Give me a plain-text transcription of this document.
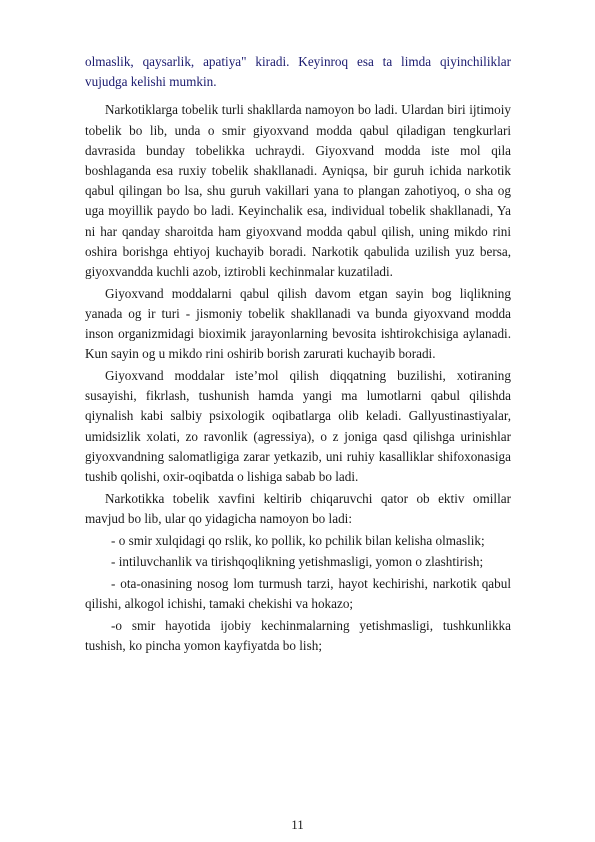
olmaslik, qaysarlik, apatiya" kiradi. Keyinroq esa ta limda qiyinchiliklar vujudga kelishi mumkin.

Narkotiklarga tobelik turli shakllarda namoyon bo ladi. Ulardan biri ijtimoiy tobelik bo lib, unda o smir giyoxvand modda qabul qiladigan tengkurlari davrasida bunday tobelikka uchraydi. Giyoxvand modda iste mol qila boshlaganda esa ruxiy tobelik shakllanadi. Ayniqsa, bir guruh ichida narkotik qabul qilingan bo lsa, shu guruh vakillari yana to plangan zahotiyoq, o sha og uga moyillik paydo bo ladi. Keyinchalik esa, individual tobelik shakllanadi, Ya ni har qanday sharoitda ham giyoxvand modda qabul qilish, uning mikdo rini oshira borishga ehtiyoj kuchayib boradi. Narkotik qabulida uzilish yuz bersa, giyoxvandda kuchli azob, iztirobli kechinmalar kuzatiladi.

Giyoxvand moddalarni qabul qilish davom etgan sayin bog liqlikning yanada og ir turi - jismoniy tobelik shakllanadi va bunda giyoxvand modda inson organizmidagi bioximik jarayonlarning bevosita ishtirokchisiga aylanadi. Kun sayin og u mikdo rini oshirib borish zarurati kuchayib boradi.

Giyoxvand moddalar iste’mol qilish diqqatning buzilishi, xotiraning susayishi, fikrlash, tushunish hamda yangi ma lumotlarni qabul qilishda qiynalish kabi salbiy psixologik oqibatlarga olib keladi. Gallyustinastiyalar, umidsizlik xolati, zo ravonlik (agressiya), o z joniga qasd qilishga urinishlar giyoxvandning salomatligiga zarar yetkazib, uni ruhiy kasalliklar shifoxonasiga tushib qolishi, oxir-oqibatda o lishiga sabab bo ladi.

Narkotikka tobelik xavfini keltirib chiqaruvchi qator ob ektiv omillar mavjud bo lib, ular qo yidagicha namoyon bo ladi:

- o smir xulqidagi qo rslik, ko pollik, ko pchilik bilan kelisha olmaslik;

- intiluvchanlik va tirishqoqlikning yetishmasligi, yomon o zlashtirish;

- ota-onasining nosog lom turmush tarzi, hayot kechirishi, narkotik qabul qilishi, alkogol ichishi, tamaki chekishi va hokazo;

-o smir hayotida ijobiy kechinmalarning yetishmasligi, tushkunlikka tushish, ko pincha yomon kayfiyatda bo lish;

11
